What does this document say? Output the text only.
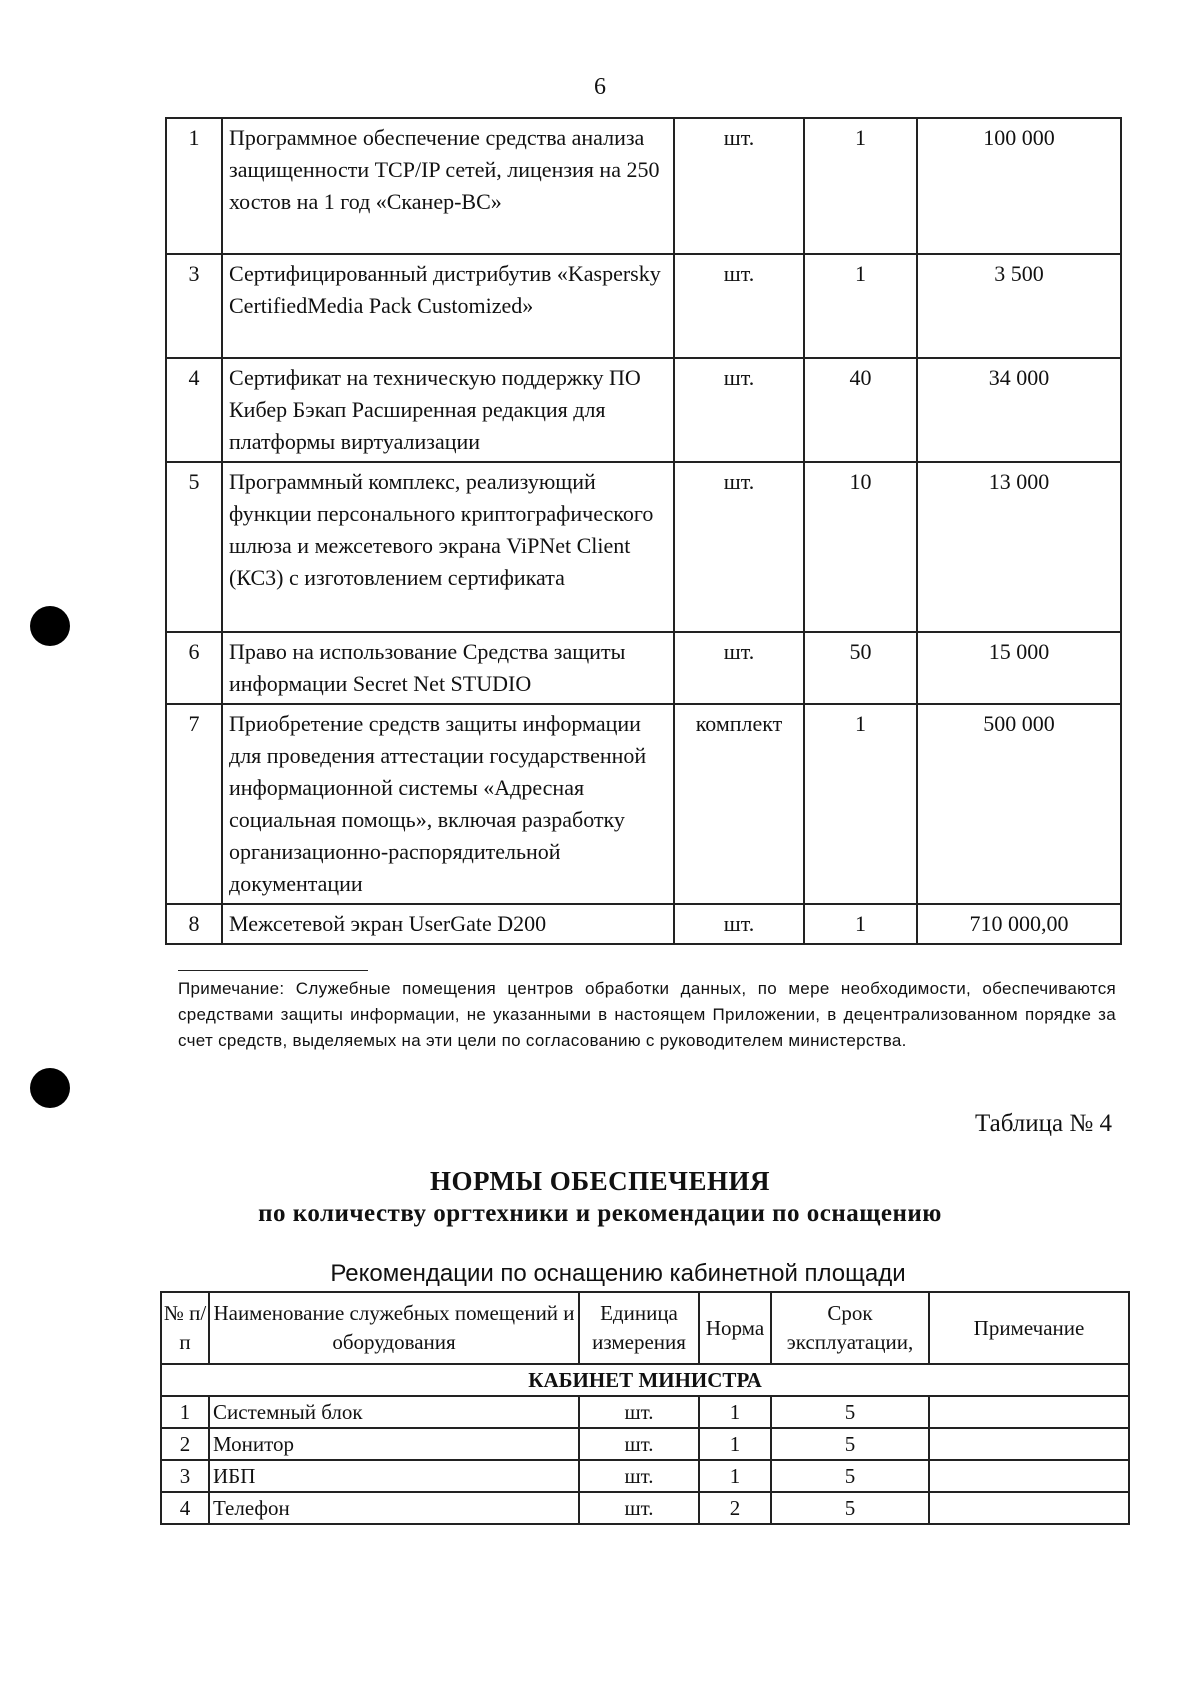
6
1	Программное обеспечение средства анализа защищенности TCP/IP сетей, лицензия на 250 хостов на 1 год «Сканер-ВС»	шт.	1	100 000
3	Сертифицированный дистрибутив «Kaspersky CertifiedMedia Pack Customized»	шт.	1	3 500
4	Сертификат на техническую поддержку ПО Кибер Бэкап Расширенная редакция для платформы виртуализации	шт.	40	34 000
5	Программный комплекс, реализующий функции персонального криптографического шлюза и межсетевого экрана ViPNet Client (КС3) с изготовлением сертификата	шт.	10	13 000
6	Право на использование Средства защиты информации Secret Net STUDIO	шт.	50	15 000
7	Приобретение средств защиты информации для проведения аттестации государственной информационной системы «Адресная социальная помощь», включая разработку организационно-распорядительной документации	комплект	1	500 000
8	Межсетевой экран UserGate D200	шт.	1	710 000,00
Примечание: Служебные помещения центров обработки данных, по мере необходимости, обеспечиваются средствами защиты информации, не указанными в настоящем Приложении, в децентрализованном порядке за счет средств, выделяемых на эти цели по согласованию с руководителем министерства.
Таблица № 4
НОРМЫ ОБЕСПЕЧЕНИЯ
по количеству оргтехники и рекомендации по оснащению
Рекомендации по оснащению кабинетной площади
№ п/п	Наименование служебных помещений и оборудования	Единица измерения	Норма	Срок эксплуатации,	Примечание
КАБИНЕТ МИНИСТРА					
1	Системный блок	шт.	1	5	
2	Монитор	шт.	1	5	
3	ИБП	шт.	1	5	
4	Телефон	шт.	2	5	
